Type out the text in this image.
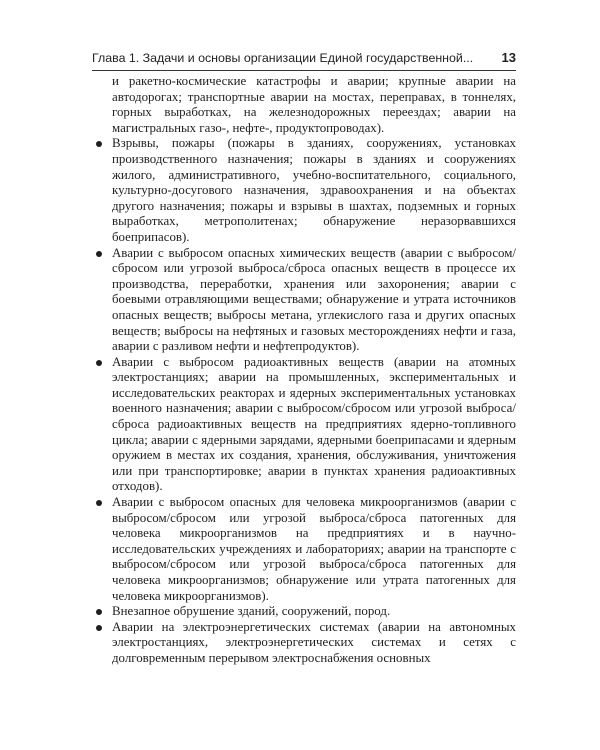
Глава 1. Задачи и основы организации Единой государственной... 13

и ракетно-космические катастрофы и аварии; крупные аварии на автодорогах; транспортные аварии на мостах, переправах, в тоннелях, горных выработках, на железнодорожных переездах; аварии на магистральных газо-, нефте-, продуктопроводах).

Взрывы, пожары (пожары в зданиях, сооружениях, установках производственного назначения; пожары в зданиях и сооружениях жилого, административного, учебно-воспитательного, социального, культурно-досугового назначения, здравоохранения и на объектах другого назначения; пожары и взрывы в шахтах, подземных и горных выработках, метрополитенах; обнаружение неразорвавшихся боеприпасов).
Аварии с выбросом опасных химических веществ (аварии с выбросом/сбросом или угрозой выброса/сброса опасных веществ в процессе их производства, переработки, хранения или захоронения; аварии с боевыми отравляющими веществами; обнаружение и утрата источников опасных веществ; выбросы метана, углекислого газа и других опасных веществ; выбросы на нефтяных и газовых месторождениях нефти и газа, аварии с разливом нефти и нефтепродуктов).
Аварии с выбросом радиоактивных веществ (аварии на атомных электростанциях; аварии на промышленных, экспериментальных и исследовательских реакторах и ядерных экспериментальных установках военного назначения; аварии с выбросом/сбросом или угрозой выброса/сброса радиоактивных веществ на предприятиях ядерно-топливного цикла; аварии с ядерными зарядами, ядерными боеприпасами и ядерным оружием в местах их создания, хранения, обслуживания, уничтожения или при транспортировке; аварии в пунктах хранения радиоактивных отходов).
Аварии с выбросом опасных для человека микроорганизмов (аварии с выбросом/сбросом или угрозой выброса/сброса патогенных для человека микроорганизмов на предприятиях и в научно-исследовательских учреждениях и лабораториях; аварии на транспорте с выбросом/сбросом или угрозой выброса/сброса патогенных для человека микроорганизмов; обнаружение или утрата патогенных для человека микроорганизмов).
Внезапное обрушение зданий, сооружений, пород.
Аварии на электроэнергетических системах (аварии на автономных электростанциях, электроэнергетических системах и сетях с долговременным перерывом электроснабжения основных
